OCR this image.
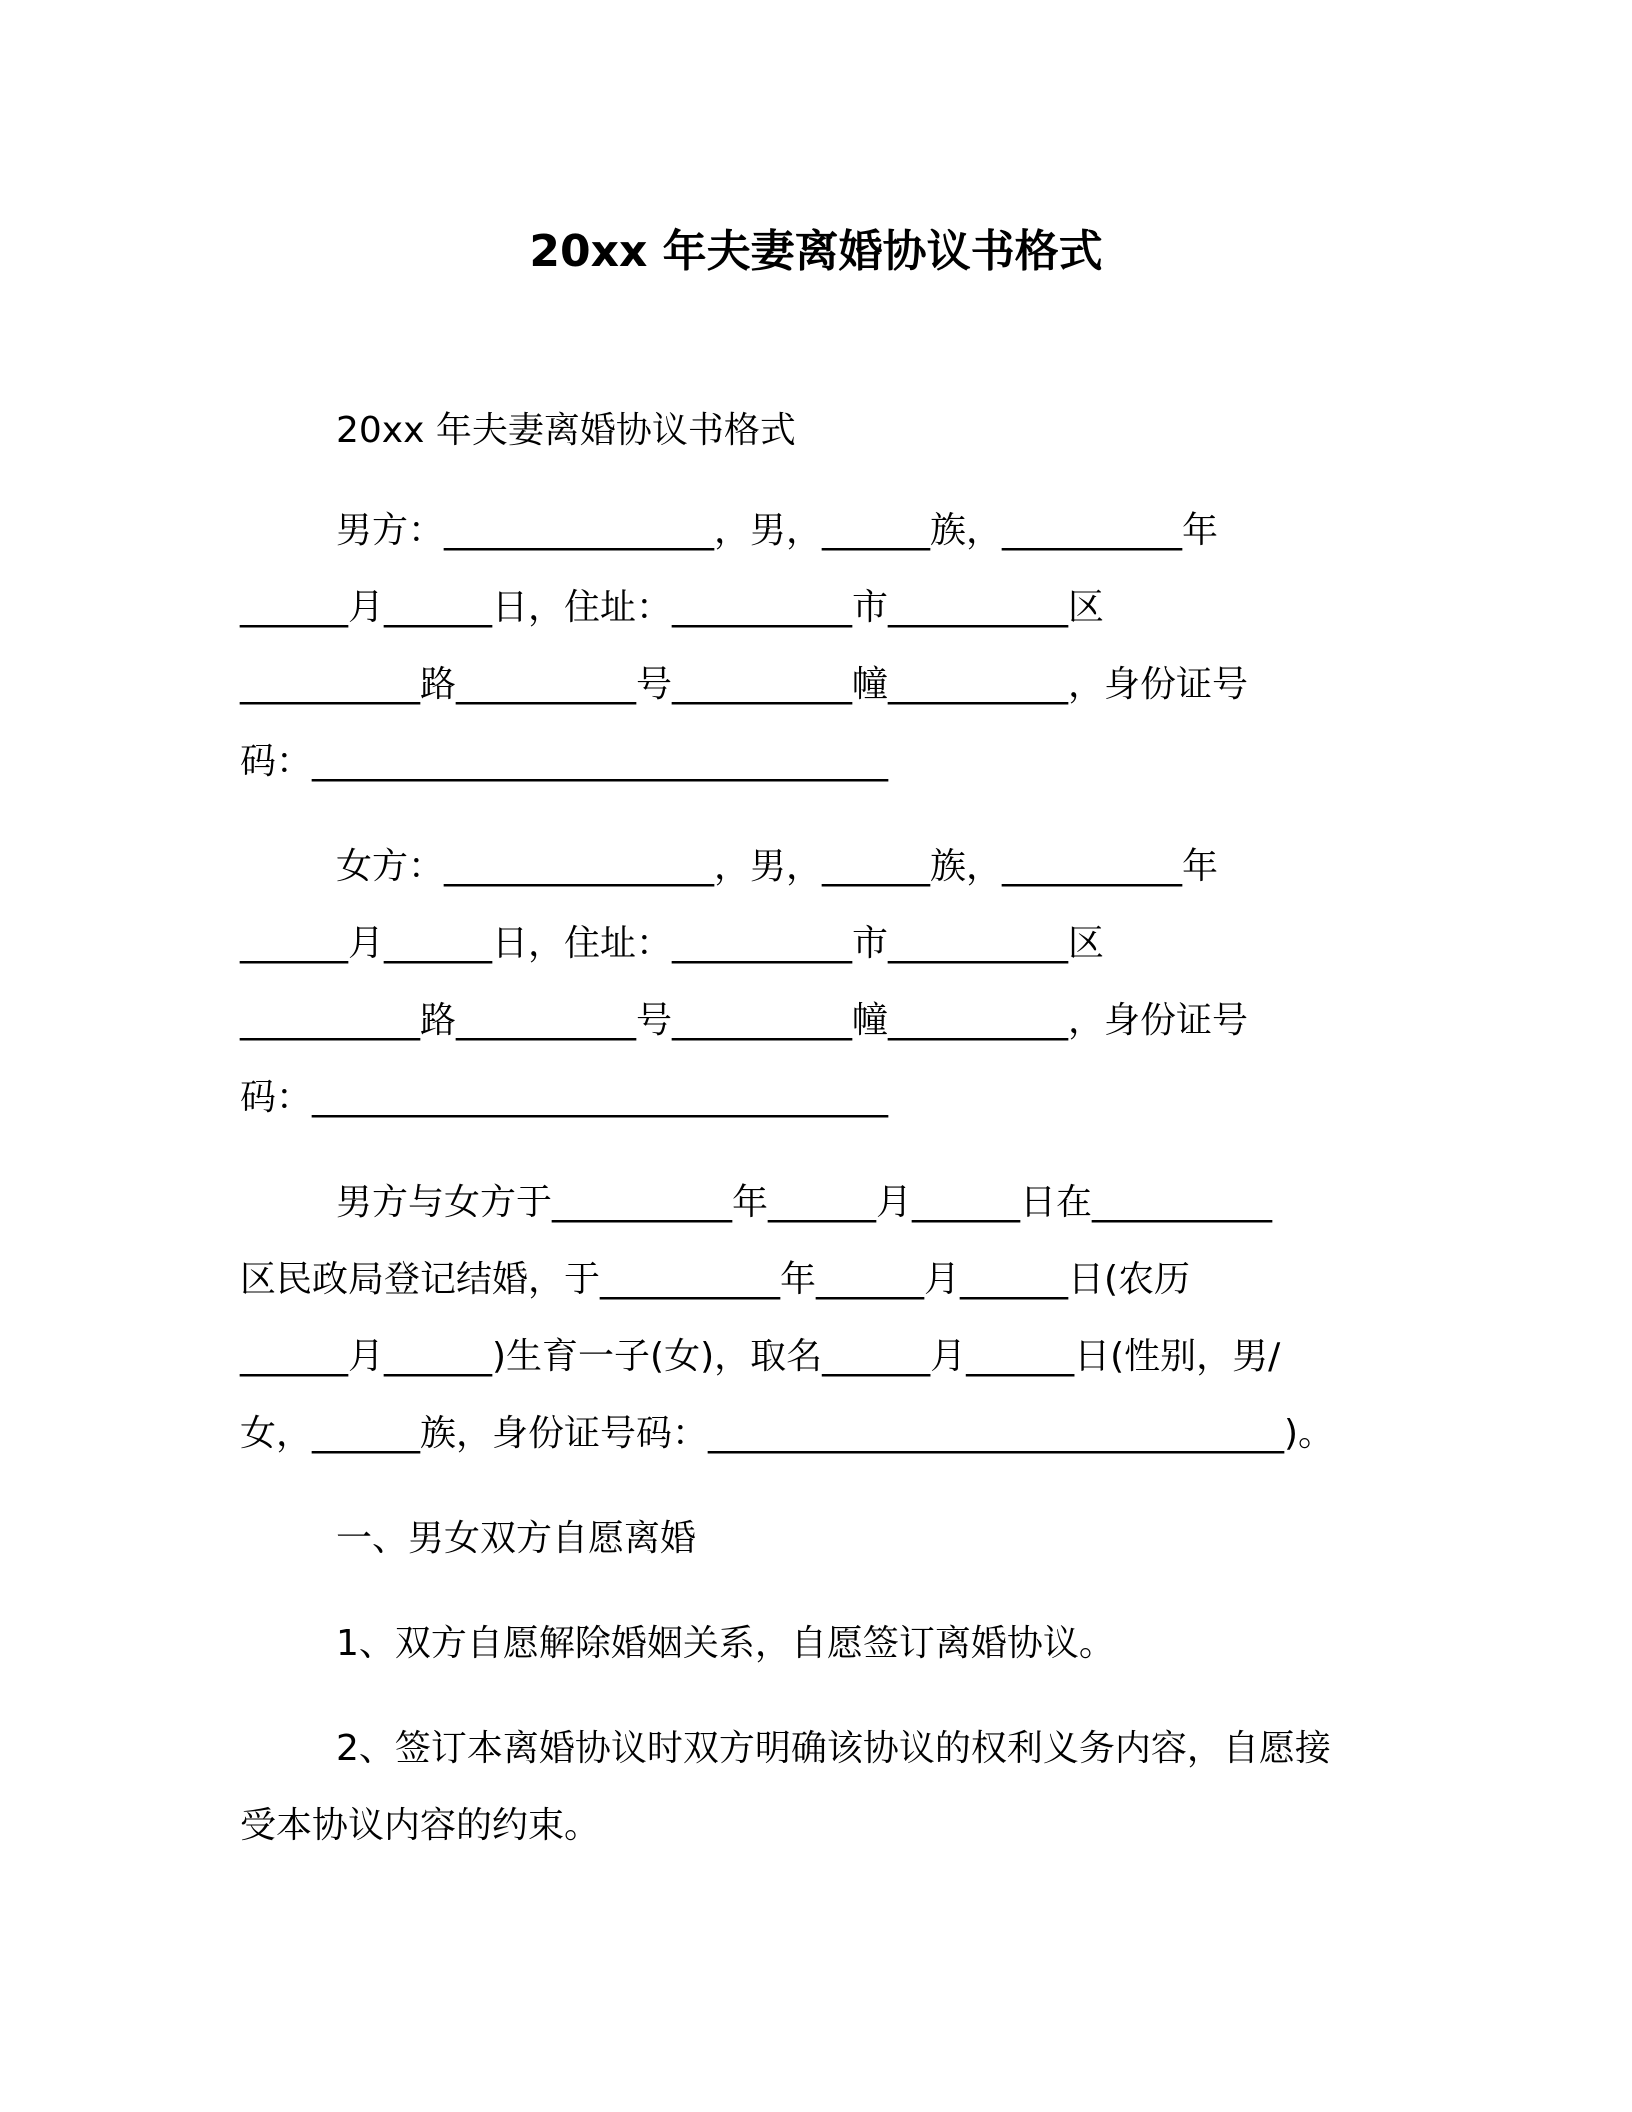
20xx 年夫妻离婚协议书格式
20xx 年夫妻离婚协议书格式
男方：_______________，男，______族，__________年
______月______日，住址：__________市__________区
__________路__________号__________幢__________，身份证号
码：________________________________
女方：_______________，男，______族，__________年
______月______日，住址：__________市__________区
__________路__________号__________幢__________，身份证号
码：________________________________
男方与女方于__________年______月______日在__________
区民政局登记结婚，于__________年______月______日(农历
______月______)生育一子(女)，取名______月______日(性别，男/
女，______族，身份证号码：________________________________)。
一、男女双方自愿离婚
1、双方自愿解除婚姻关系，自愿签订离婚协议。
2、签订本离婚协议时双方明确该协议的权利义务内容，自愿接
受本协议内容的约束。
